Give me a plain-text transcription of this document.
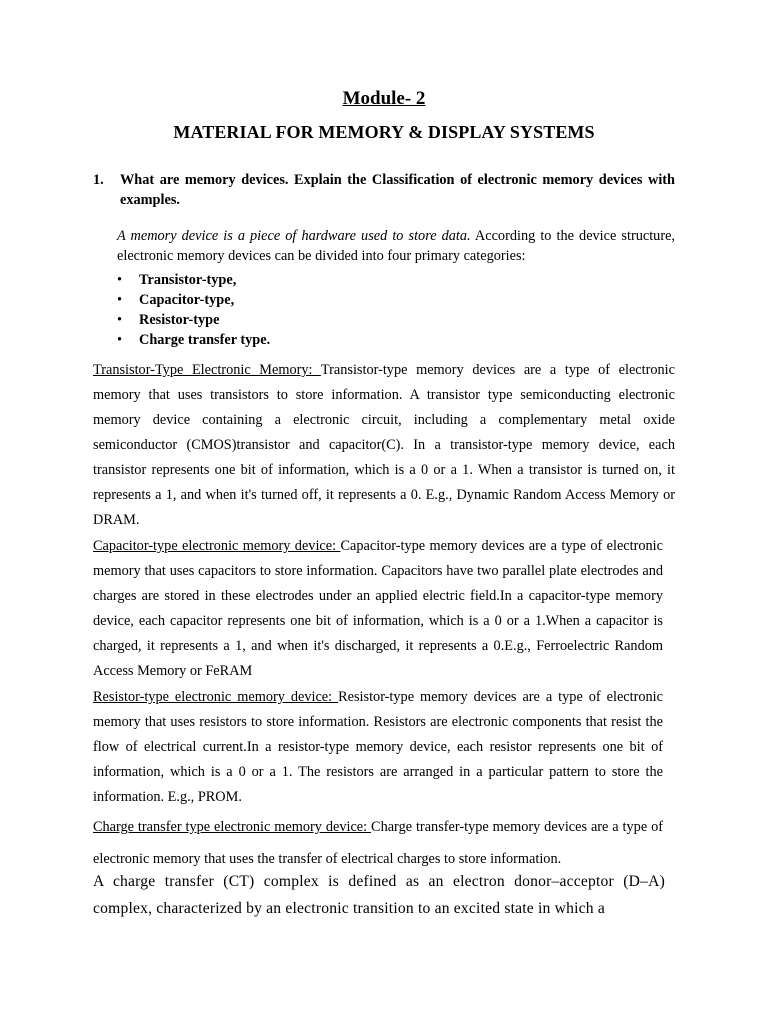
Module- 2
MATERIAL FOR MEMORY & DISPLAY SYSTEMS
1. What are memory devices. Explain the Classification of electronic memory devices with examples.

A memory device is a piece of hardware used to store data. According to the device structure, electronic memory devices can be divided into four primary categories:

• Transistor-type,
• Capacitor-type,
• Resistor-type
• Charge transfer type.

Transistor-Type Electronic Memory: Transistor-type memory devices are a type of electronic memory that uses transistors to store information. A transistor type semiconducting electronic memory device containing a electronic circuit, including a complementary metal oxide semiconductor (CMOS)transistor and capacitor(C). In a transistor-type memory device, each transistor represents one bit of information, which is a 0 or a 1. When a transistor is turned on, it represents a 1, and when it's turned off, it represents a 0. E.g., Dynamic Random Access Memory or DRAM.

Capacitor-type electronic memory device: Capacitor-type memory devices are a type of electronic memory that uses capacitors to store information. Capacitors have two parallel plate electrodes and charges are stored in these electrodes under an applied electric field.In a capacitor-type memory device, each capacitor represents one bit of information, which is a 0 or a 1.When a capacitor is charged, it represents a 1, and when it's discharged, it represents a 0.E.g., Ferroelectric Random Access Memory or FeRAM

Resistor-type electronic memory device: Resistor-type memory devices are a type of electronic memory that uses resistors to store information. Resistors are electronic components that resist the flow of electrical current.In a resistor-type memory device, each resistor represents one bit of information, which is a 0 or a 1. The resistors are arranged in a particular pattern to store the information. E.g., PROM.

Charge transfer type electronic memory device: Charge transfer-type memory devices are a type of electronic memory that uses the transfer of electrical charges to store information.

A charge transfer (CT) complex is defined as an electron donor–acceptor (D–A) complex, characterized by an electronic transition to an excited state in which a
